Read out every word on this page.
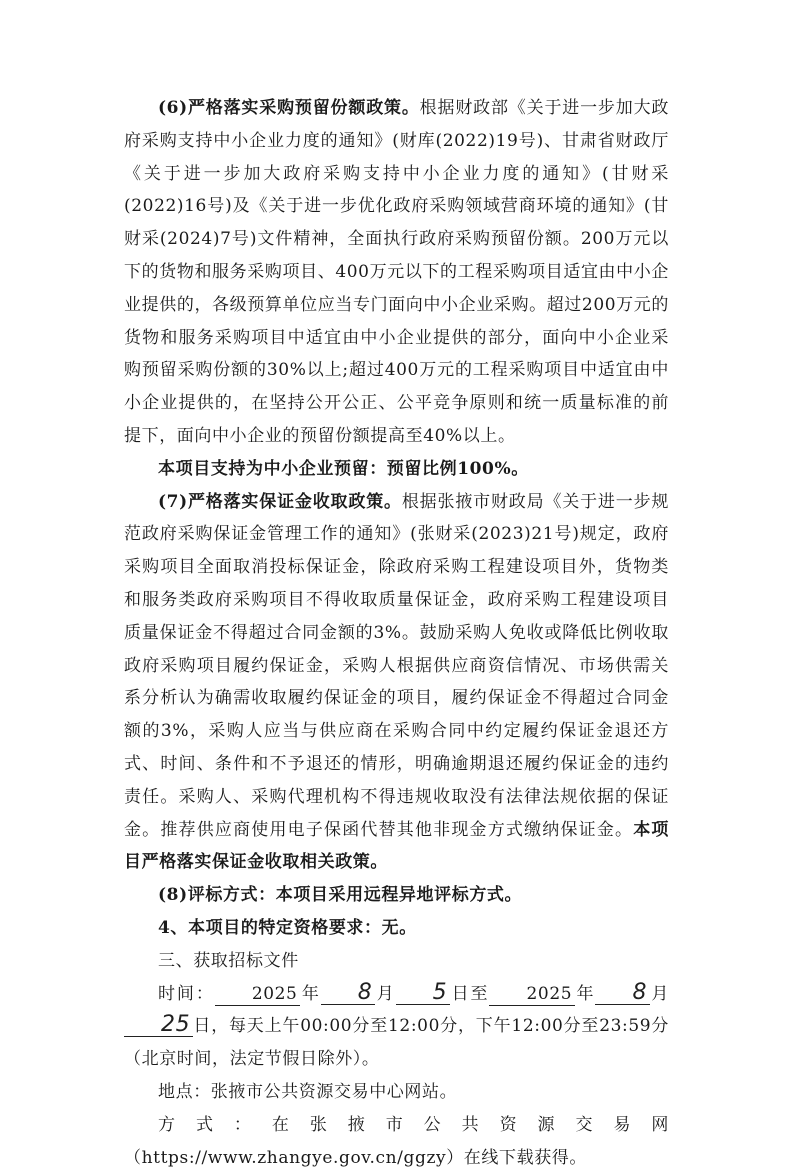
(6)严格落实采购预留份额政策。根据财政部《关于进一步加大政府采购支持中小企业力度的通知》(财库(2022)19号)、甘肃省财政厅《关于进一步加大政府采购支持中小企业力度的通知》(甘财采(2022)16号)及《关于进一步优化政府采购领域营商环境的通知》(甘财采(2024)7号)文件精神，全面执行政府采购预留份额。200万元以下的货物和服务采购项目、400万元以下的工程采购项目适宜由中小企业提供的，各级预算单位应当专门面向中小企业采购。超过200万元的货物和服务采购项目中适宜由中小企业提供的部分，面向中小企业采购预留采购份额的30%以上;超过400万元的工程采购项目中适宜由中小企业提供的，在坚持公开公正、公平竞争原则和统一质量标准的前提下，面向中小企业的预留份额提高至40%以上。

本项目支持为中小企业预留：预留比例100%。

(7)严格落实保证金收取政策。根据张掖市财政局《关于进一步规范政府采购保证金管理工作的通知》(张财采(2023)21号)规定，政府采购项目全面取消投标保证金，除政府采购工程建设项目外，货物类和服务类政府采购项目不得收取质量保证金，政府采购工程建设项目质量保证金不得超过合同金额的3%。鼓励采购人免收或降低比例收取政府采购项目履约保证金，采购人根据供应商资信情况、市场供需关系分析认为确需收取履约保证金的项目，履约保证金不得超过合同金额的3%，采购人应当与供应商在采购合同中约定履约保证金退还方式、时间、条件和不予退还的情形，明确逾期退还履约保证金的违约责任。采购人、采购代理机构不得违规收取没有法律法规依据的保证金。推荐供应商使用电子保函代替其他非现金方式缴纳保证金。本项目严格落实保证金收取相关政策。

(8)评标方式：本项目采用远程异地评标方式。

4、本项目的特定资格要求：无。

三、获取招标文件

时间： 2025 年 8 月 5 日至 2025 年 8 月25 日，每天上午00:00分至12:00分，下午12:00分至23:59分（北京时间，法定节假日除外）。

地点：张掖市公共资源交易中心网站。

方式：在张掖市公共资源交易网（https://www.zhangye.gov.cn/ggzy）在线下载获得。
